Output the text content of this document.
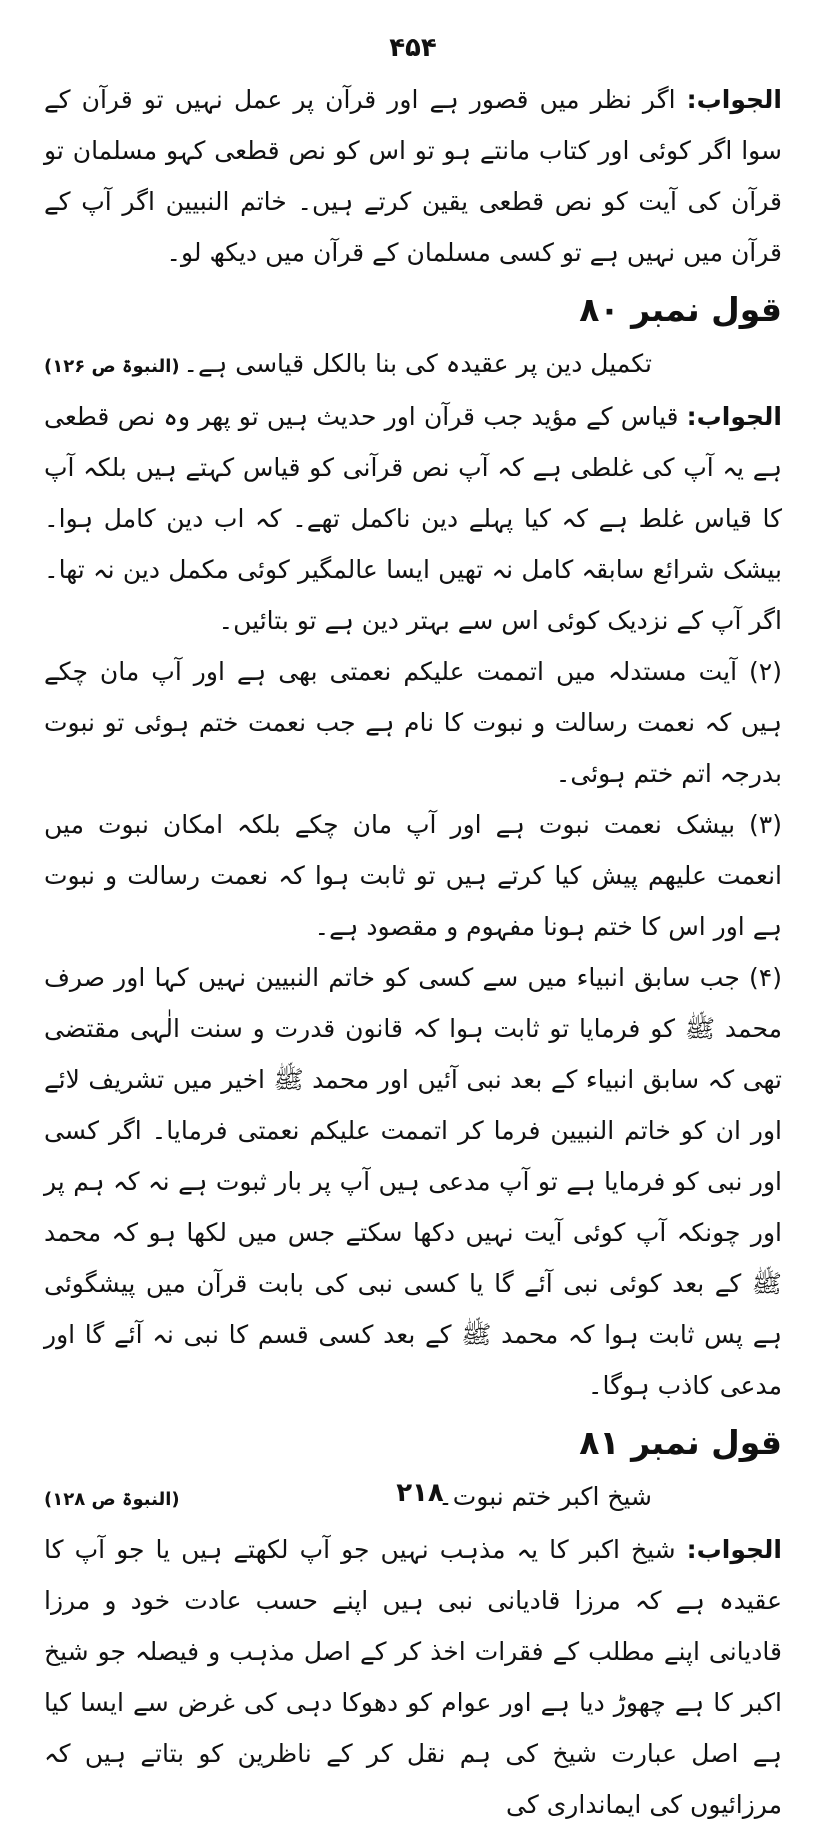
۴۵۴

الجواب: اگر نظر میں قصور ہے اور قرآن پر عمل نہیں تو قرآن کے سوا اگر کوئی اور کتاب مانتے ہو تو اس کو نص قطعی کہو مسلمان تو قرآن کی آیت کو نص قطعی یقین کرتے ہیں۔ خاتم النبیین اگر آپ کے قرآن میں نہیں ہے تو کسی مسلمان کے قرآن میں دیکھ لو۔

قول نمبر ۸۰
تکمیل دین پر عقیدہ کی بنا بالکل قیاسی ہے۔
(النبوۃ ص ۱۲۶)

الجواب: قیاس کے مؤید جب قرآن اور حدیث ہیں تو پھر وہ نص قطعی ہے یہ آپ کی غلطی ہے کہ آپ نص قرآنی کو قیاس کہتے ہیں بلکہ آپ کا قیاس غلط ہے کہ کیا پہلے دین ناکمل تھے۔ کہ اب دین کامل ہوا۔ بیشک شرائع سابقہ کامل نہ تھیں ایسا عالمگیر کوئی مکمل دین نہ تھا۔ اگر آپ کے نزدیک کوئی اس سے بہتر دین ہے تو بتائیں۔

(۲) آیت مستدلہ میں اتممت علیکم نعمتی بھی ہے اور آپ مان چکے ہیں کہ نعمت رسالت و نبوت کا نام ہے جب نعمت ختم ہوئی تو نبوت بدرجہ اتم ختم ہوئی۔

(۳) بیشک نعمت نبوت ہے اور آپ مان چکے بلکہ امکان نبوت میں انعمت علیھم پیش کیا کرتے ہیں تو ثابت ہوا کہ نعمت رسالت و نبوت ہے اور اس کا ختم ہونا مفہوم و مقصود ہے۔

(۴) جب سابق انبیاء میں سے کسی کو خاتم النبیین نہیں کہا اور صرف محمد ﷺ کو فرمایا تو ثابت ہوا کہ قانون قدرت و سنت الٰہی مقتضی تھی کہ سابق انبیاء کے بعد نبی آئیں اور محمد ﷺ اخیر میں تشریف لائے اور ان کو خاتم النبیین فرما کر اتممت علیکم نعمتی فرمایا۔ اگر کسی اور نبی کو فرمایا ہے تو آپ مدعی ہیں آپ پر بار ثبوت ہے نہ کہ ہم پر اور چونکہ آپ کوئی آیت نہیں دکھا سکتے جس میں لکھا ہو کہ محمد ﷺ کے بعد کوئی نبی آئے گا یا کسی نبی کی بابت قرآن میں پیشگوئی ہے پس ثابت ہوا کہ محمد ﷺ کے بعد کسی قسم کا نبی نہ آئے گا اور مدعی کاذب ہوگا۔

قول نمبر ۸۱
شیخ اکبر ختم نبوت۔
(النبوۃ ص ۱۲۸)

الجواب: شیخ اکبر کا یہ مذہب نہیں جو آپ لکھتے ہیں یا جو آپ کا عقیدہ ہے کہ مرزا قادیانی نبی ہیں اپنے حسب عادت خود و مرزا قادیانی اپنے مطلب کے فقرات اخذ کر کے اصل مذہب و فیصلہ جو شیخ اکبر کا ہے چھوڑ دیا ہے اور عوام کو دھوکا دہی کی غرض سے ایسا کیا ہے اصل عبارت شیخ کی ہم نقل کر کے ناظرین کو بتاتے ہیں کہ مرزائیوں کی ایمانداری کی

۲۱۸
